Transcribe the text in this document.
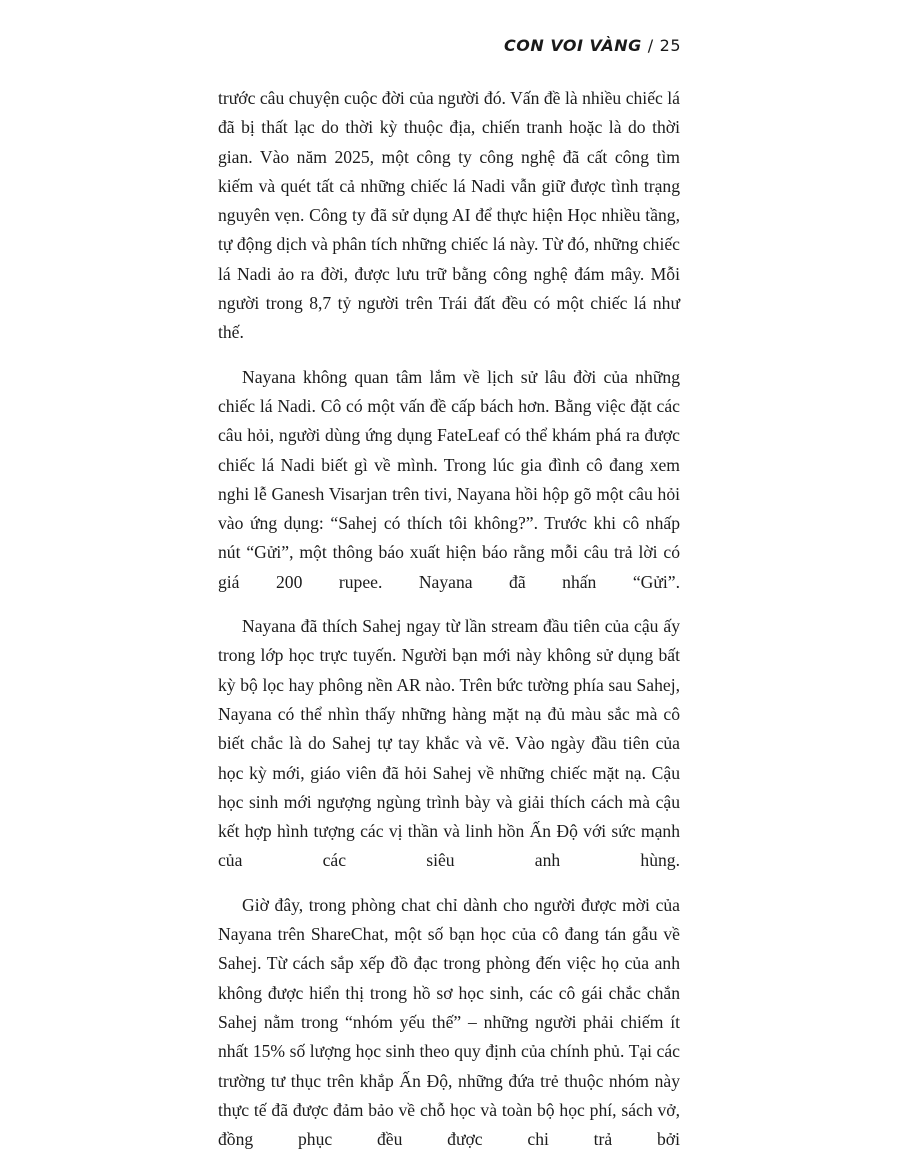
CON VOI VÀNG / 25

trước câu chuyện cuộc đời của người đó. Vấn đề là nhiều chiếc lá đã bị thất lạc do thời kỳ thuộc địa, chiến tranh hoặc là do thời gian. Vào năm 2025, một công ty công nghệ đã cất công tìm kiếm và quét tất cả những chiếc lá Nadi vẫn giữ được tình trạng nguyên vẹn. Công ty đã sử dụng AI để thực hiện Học nhiều tầng, tự động dịch và phân tích những chiếc lá này. Từ đó, những chiếc lá Nadi ảo ra đời, được lưu trữ bằng công nghệ đám mây. Mỗi người trong 8,7 tỷ người trên Trái đất đều có một chiếc lá như thế.

Nayana không quan tâm lắm về lịch sử lâu đời của những chiếc lá Nadi. Cô có một vấn đề cấp bách hơn. Bằng việc đặt các câu hỏi, người dùng ứng dụng FateLeaf có thể khám phá ra được chiếc lá Nadi biết gì về mình. Trong lúc gia đình cô đang xem nghi lễ Ganesh Visarjan trên tivi, Nayana hồi hộp gõ một câu hỏi vào ứng dụng: “Sahej có thích tôi không?”. Trước khi cô nhấp nút “Gửi”, một thông báo xuất hiện báo rằng mỗi câu trả lời có giá 200 rupee. Nayana đã nhấn “Gửi”.

Nayana đã thích Sahej ngay từ lần stream đầu tiên của cậu ấy trong lớp học trực tuyến. Người bạn mới này không sử dụng bất kỳ bộ lọc hay phông nền AR nào. Trên bức tường phía sau Sahej, Nayana có thể nhìn thấy những hàng mặt nạ đủ màu sắc mà cô biết chắc là do Sahej tự tay khắc và vẽ. Vào ngày đầu tiên của học kỳ mới, giáo viên đã hỏi Sahej về những chiếc mặt nạ. Cậu học sinh mới ngượng ngùng trình bày và giải thích cách mà cậu kết hợp hình tượng các vị thần và linh hồn Ấn Độ với sức mạnh của các siêu anh hùng.

Giờ đây, trong phòng chat chỉ dành cho người được mời của Nayana trên ShareChat, một số bạn học của cô đang tán gẫu về Sahej. Từ cách sắp xếp đồ đạc trong phòng đến việc họ của anh không được hiển thị trong hồ sơ học sinh, các cô gái chắc chắn Sahej nằm trong “nhóm yếu thế” – những người phải chiếm ít nhất 15% số lượng học sinh theo quy định của chính phủ. Tại các trường tư thục trên khắp Ấn Độ, những đứa trẻ thuộc nhóm này thực tế đã được đảm bảo về chỗ học và toàn bộ học phí, sách vở, đồng phục đều được chi trả bởi
